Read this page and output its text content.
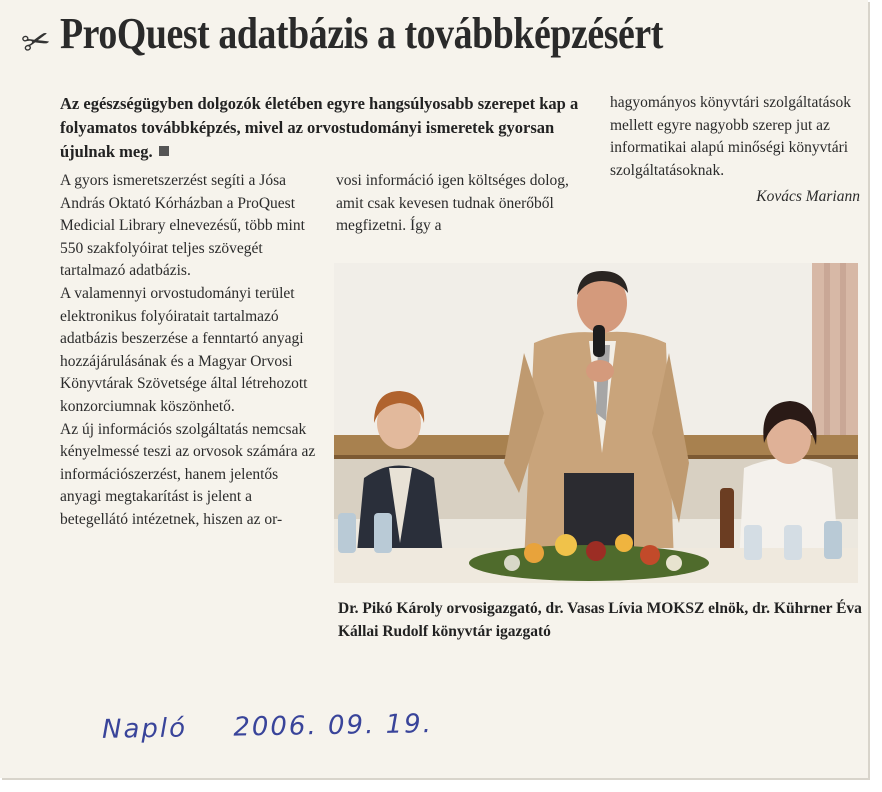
✂ ProQuest adatbázis a továbbképzésért
Az egészségügyben dolgozók életében egyre hangsúlyosabb szerepet kap a folyamatos továbbképzés, mivel az orvostudományi ismeretek gyorsan újulnak meg.

A gyors ismeretszerzést segíti a Jósa András Oktató Kórházban a ProQuest Medicial Library elnevezésű, több mint 550 szakfolyóirat teljes szövegét tartalmazó adatbázis.

A valamennyi orvostudományi terület elektronikus folyóiratait tartalmazó adatbázis beszerzése a fenntartó anyagi hozzájárulásának és a Magyar Orvosi Könyvtárak Szövetsége által létrehozott konzorciumnak köszönhető.

Az új információs szolgáltatás nemcsak kényelmessé teszi az orvosok számára az információszerzést, hanem jelentős anyagi megtakarítást is jelent a betegellátó intézetnek, hiszen az or-

vosi információ igen költséges dolog, amit csak kevesen tudnak önerőből megfizetni. Így a

hagyományos könyvtári szolgáltatások mellett egyre nagyobb szerep jut az informatikai alapú minőségi könyvtári szolgáltatásoknak.

Kovács Mariann

Dr. Pikó Károly orvosigazgató, dr. Vasas Lívia MOKSZ elnök, dr. Kührner Éva Kállai Rudolf könyvtár igazgató
Napló 2006. 09. 19.
